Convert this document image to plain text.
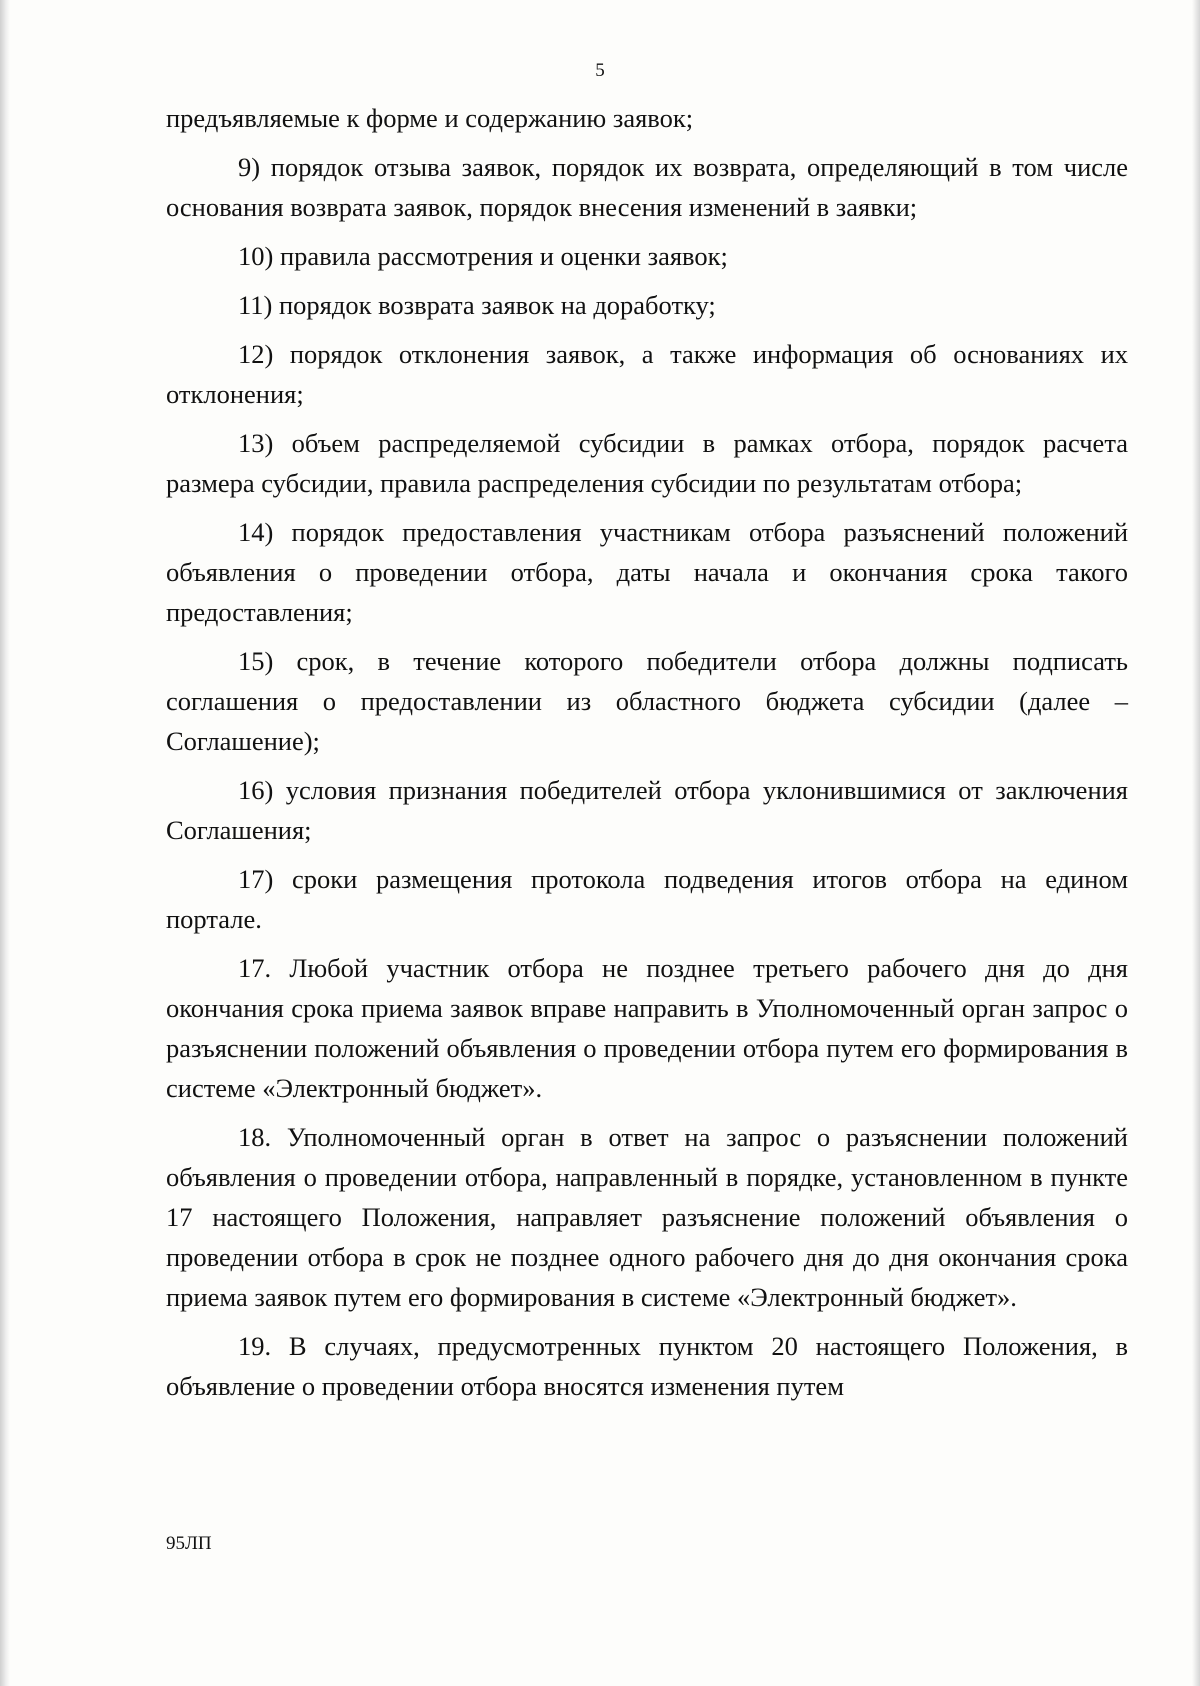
5

предъявляемые к форме и содержанию заявок;

9) порядок отзыва заявок, порядок их возврата, определяющий в том числе основания возврата заявок, порядок внесения изменений в заявки;

10) правила рассмотрения и оценки заявок;

11) порядок возврата заявок на доработку;

12) порядок отклонения заявок, а также информация об основаниях их отклонения;

13) объем распределяемой субсидии в рамках отбора, порядок расчета размера субсидии, правила распределения субсидии по результатам отбора;

14) порядок предоставления участникам отбора разъяснений положений объявления о проведении отбора, даты начала и окончания срока такого предоставления;

15) срок, в течение которого победители отбора должны подписать соглашения о предоставлении из областного бюджета субсидии (далее – Соглашение);

16) условия признания победителей отбора уклонившимися от заключения Соглашения;

17) сроки размещения протокола подведения итогов отбора на едином портале.

17. Любой участник отбора не позднее третьего рабочего дня до дня окончания срока приема заявок вправе направить в Уполномоченный орган запрос о разъяснении положений объявления о проведении отбора путем его формирования в системе «Электронный бюджет».

18. Уполномоченный орган в ответ на запрос о разъяснении положений объявления о проведении отбора, направленный в порядке, установленном в пункте 17 настоящего Положения, направляет разъяснение положений объявления о проведении отбора в срок не позднее одного рабочего дня до дня окончания срока приема заявок путем его формирования в системе «Электронный бюджет».

19. В случаях, предусмотренных пунктом 20 настоящего Положения, в объявление о проведении отбора вносятся изменения путем

95ЛП
